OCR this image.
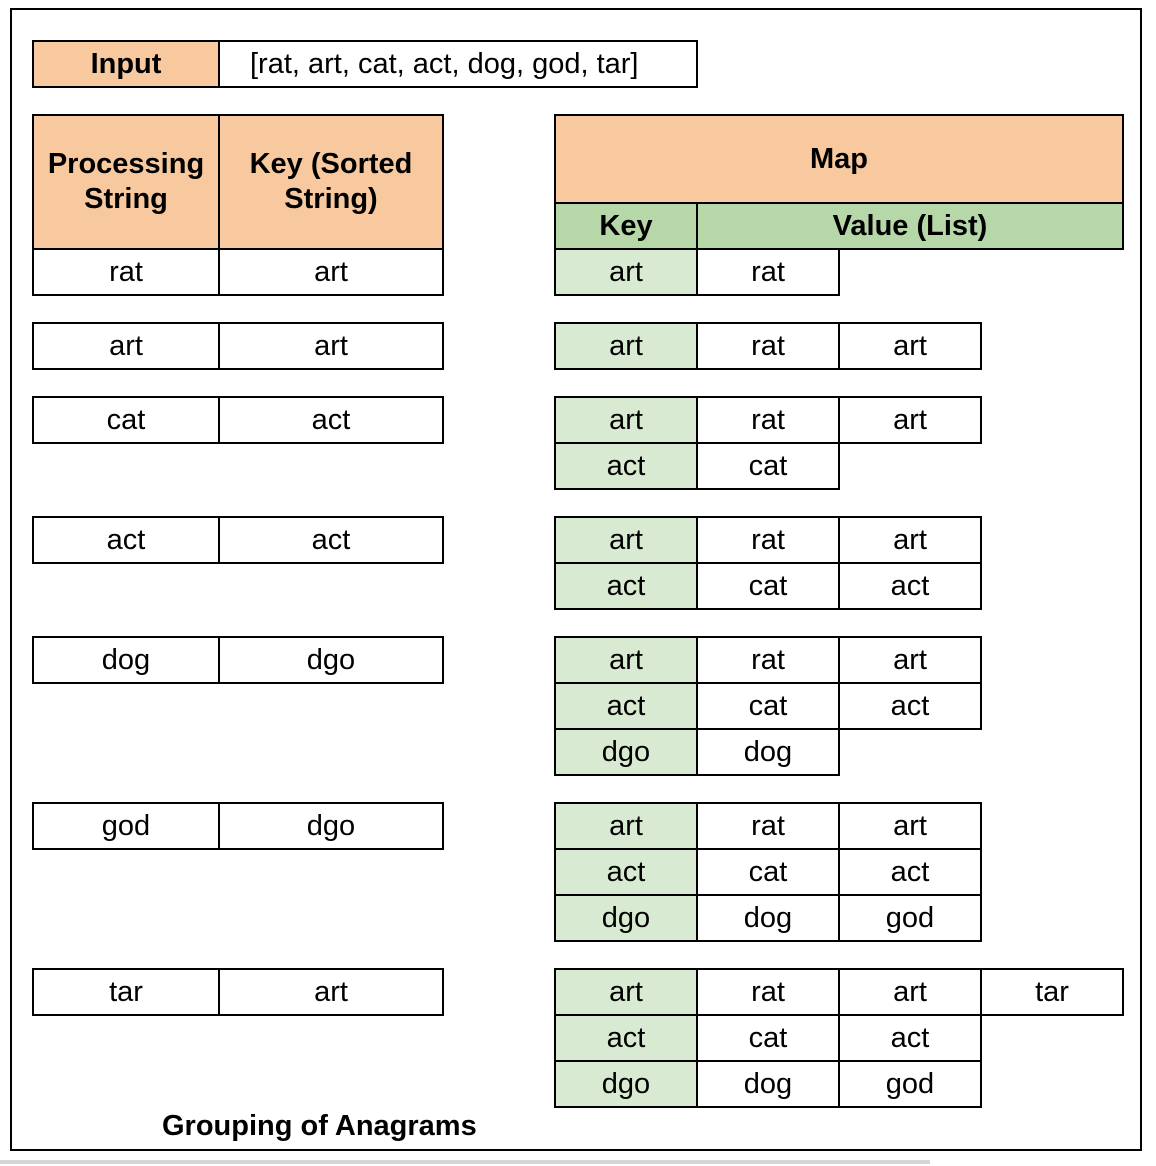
Input	[rat, art, cat, act, dog, god, tar]
Processing String
Key (Sorted String)
Map
Key	Value (List)
rat	art	art	rat
art	art	art	rat	art
cat	act	art	rat	art
act	cat
act	act	art	rat	art
act	cat	act
dog	dgo	art	rat	art
act	cat	act
dgo	dog
god	dgo	art	rat	art
act	cat	act
dgo	dog	god
tar	art	art	rat	art	tar
act	cat	act
dgo	dog	god
Grouping of Anagrams
